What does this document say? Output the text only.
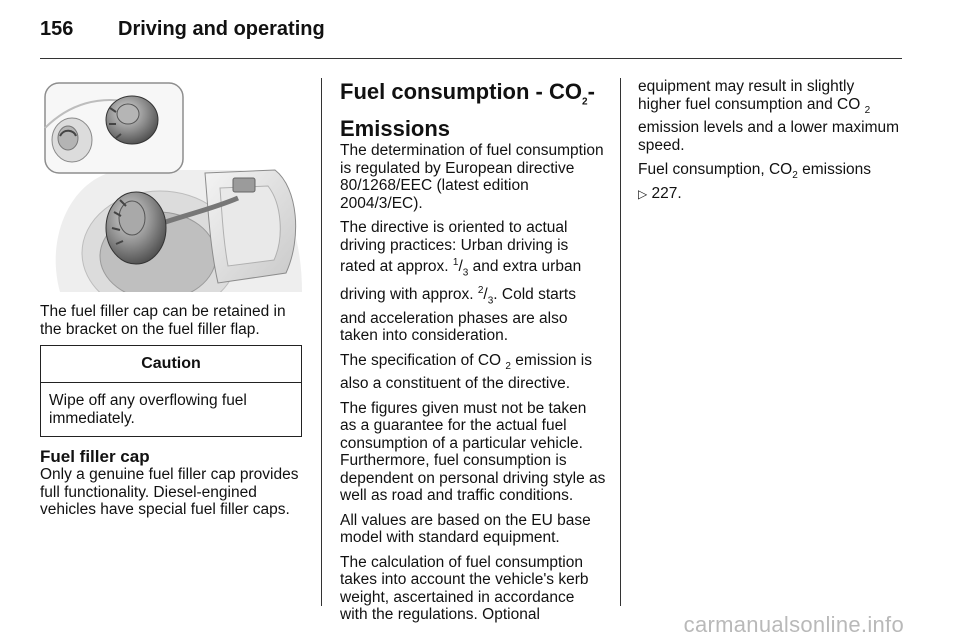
156 Driving and operating
The fuel filler cap can be retained in the bracket on the fuel filler flap.
Caution
Wipe off any overflowing fuel immediately.
Fuel filler cap
Only a genuine fuel filler cap provides full functionality. Diesel-engined vehicles have special fuel filler caps.
Fuel consumption - $CO_2-$
Emissions

The determination of fuel consumption is regulated by European directive 80/1268/EEC (latest edition 2004/3/EC).

The directive is oriented to actual driving practices: Urban driving is rated at approx. $^1/_3$ and extra urban driving with approx. $^2/_3$. Cold starts and acceleration phases are also taken into consideration.

The specification of CO $_2$ emission is also a constituent of the directive.

The figures given must not be taken as a guarantee for the actual fuel consumption of a particular vehicle. Furthermore, fuel consumption is dependent on personal driving style as well as road and traffic conditions.

All values are based on the EU base model with standard equipment.

The calculation of fuel consumption takes into account the vehicle's kerb weight, ascertained in accordance with the regulations. Optional

equipment may result in slightly higher fuel consumption and CO $_2$ emission levels and a lower maximum speed.

Fuel consumption, $CO_2$ emissions
▷ 227.

carmanualsonline.info
